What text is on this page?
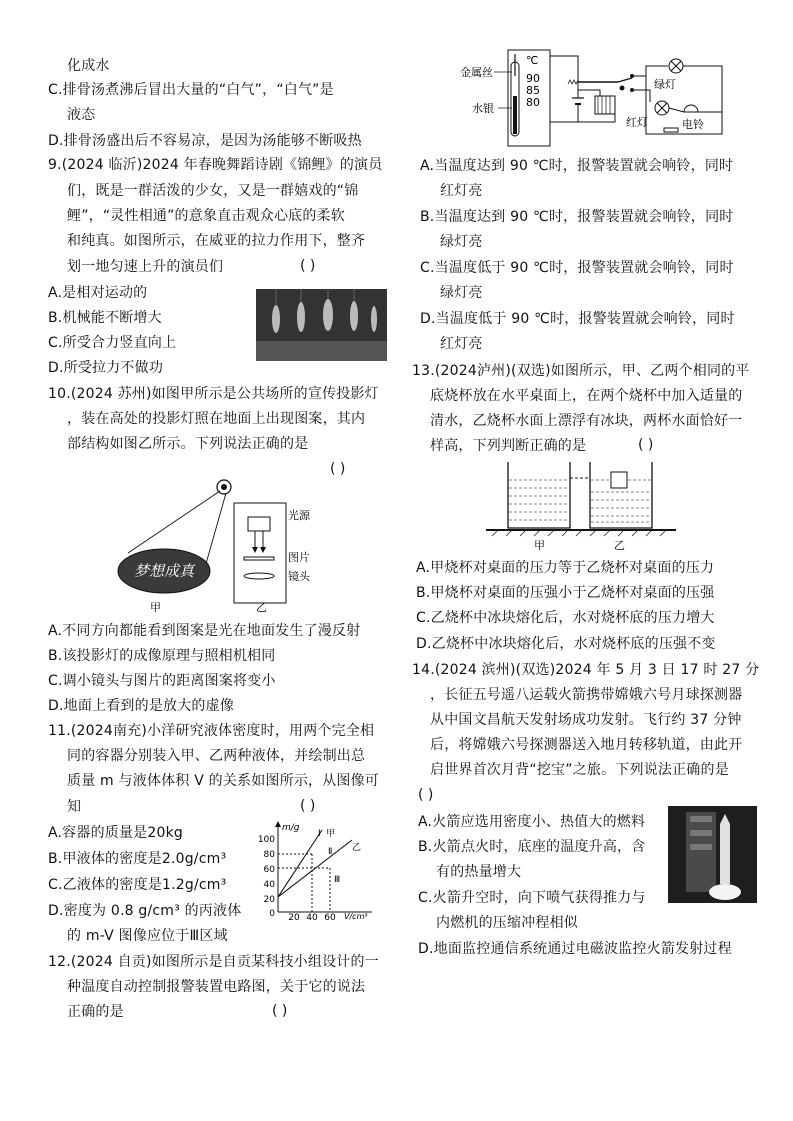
化成水
C.排骨汤煮沸后冒出大量的“白气”，“白气”是
液态
D.排骨汤盛出后不容易凉，是因为汤能够不断吸热
9.(2024 临沂)2024 年春晚舞蹈诗剧《锦鲤》的演员
们，既是一群活泼的少女，又是一群嬉戏的“锦
鲤”，“灵性相通”的意象直击观众心底的柔软
和纯真。如图所示，在威亚的拉力作用下，整齐
划一地匀速上升的演员们	( )
A.是相对运动的
B.机械能不断增大
C.所受合力竖直向上
D.所受拉力不做功
10.(2024 苏州)如图甲所示是公共场所的宣传投影灯
，装在高处的投影灯照在地面上出现图案，其内
部结构如图乙所示。下列说法正确的是
( )
梦想成真
光源
图片
镜头
甲	乙
A.不同方向都能看到图案是光在地面发生了漫反射
B.该投影灯的成像原理与照相机相同
C.调小镜头与图片的距离图案将变小
D.地面上看到的是放大的虚像
11.(2024南充)小洋研究液体密度时，用两个完全相
同的容器分别装入甲、乙两种液体，并绘制出总
质量 m 与液体体积 V 的关系如图所示，从图像可
知	( )
A.容器的质量是20kg
B.甲液体的密度是2.0g/cm³
C.乙液体的密度是1.2g/cm³
D.密度为 0.8 g/cm³ 的丙液体
的 m-V 图像应位于Ⅲ区域
m/g
V/cm³
100
80
60
40
20
0 20 40 60
Ⅰ 甲
Ⅱ 乙
Ⅲ
12.(2024 自贡)如图所示是自贡某科技小组设计的一
种温度自动控制报警装置电路图，关于它的说法
正确的是	( )
金属丝
水银
℃
90
85
80
绿灯
红灯	电铃
A.当温度达到 90 ℃时，报警装置就会响铃，同时
红灯亮
B.当温度达到 90 ℃时，报警装置就会响铃，同时
绿灯亮
C.当温度低于 90 ℃时，报警装置就会响铃，同时
绿灯亮
D.当温度低于 90 ℃时，报警装置就会响铃，同时
红灯亮
13.(2024泸州)(双选)如图所示，甲、乙两个相同的平
底烧杯放在水平桌面上，在两个烧杯中加入适量的
清水，乙烧杯水面上漂浮有冰块，两杯水面恰好一
样高，下列判断正确的是	( )
甲	乙
A.甲烧杯对桌面的压力等于乙烧杯对桌面的压力
B.甲烧杯对桌面的压强小于乙烧杯对桌面的压强
C.乙烧杯中冰块熔化后，水对烧杯底的压力增大
D.乙烧杯中冰块熔化后，水对烧杯底的压强不变
14.(2024 滨州)(双选)2024 年 5 月 3 日 17 时 27 分
，长征五号遥八运载火箭携带嫦娥六号月球探测器
从中国文昌航天发射场成功发射。飞行约 37 分钟
后，将嫦娥六号探测器送入地月转移轨道，由此开
启世界首次月背“挖宝”之旅。下列说法正确的是
( )
A.火箭应选用密度小、热值大的燃料
B.火箭点火时，底座的温度升高，含
有的热量增大
C.火箭升空时，向下喷气获得推力与
内燃机的压缩冲程相似
D.地面监控通信系统通过电磁波监控火箭发射过程
